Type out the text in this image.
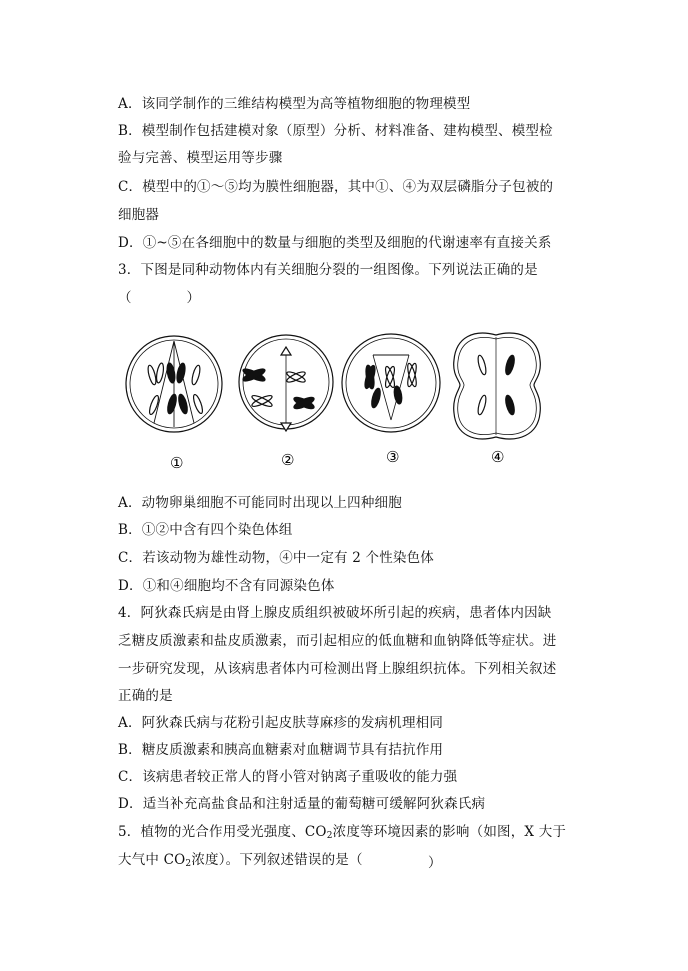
A．该同学制作的三维结构模型为高等植物细胞的物理模型
B．模型制作包括建模对象（原型）分析、材料准备、建构模型、模型检
验与完善、模型运用等步骤
C．模型中的①～⑤均为膜性细胞器，其中①、④为双层磷脂分子包被的
细胞器
D．①~⑤在各细胞中的数量与细胞的类型及细胞的代谢速率有直接关系
3．下图是同种动物体内有关细胞分裂的一组图像。下列说法正确的是
（　　　　）
①	②	③	④
A．动物卵巢细胞不可能同时出现以上四种细胞
B．①②中含有四个染色体组
C．若该动物为雄性动物，④中一定有 2 个性染色体
D．①和④细胞均不含有同源染色体
4．阿狄森氏病是由肾上腺皮质组织被破坏所引起的疾病，患者体内因缺
乏糖皮质激素和盐皮质激素，而引起相应的低血糖和血钠降低等症状。进
一步研究发现，从该病患者体内可检测出肾上腺组织抗体。下列相关叙述
正确的是
A．阿狄森氏病与花粉引起皮肤荨麻疹的发病机理相同
B．糖皮质激素和胰高血糖素对血糖调节具有拮抗作用
C．该病患者较正常人的肾小管对钠离子重吸收的能力强
D．适当补充高盐食品和注射适量的葡萄糖可缓解阿狄森氏病
5．植物的光合作用受光强度、$CO_2$浓度等环境因素的影响（如图，X 大于
大气中 $CO_2$浓度）。下列叙述错误的是（	）
